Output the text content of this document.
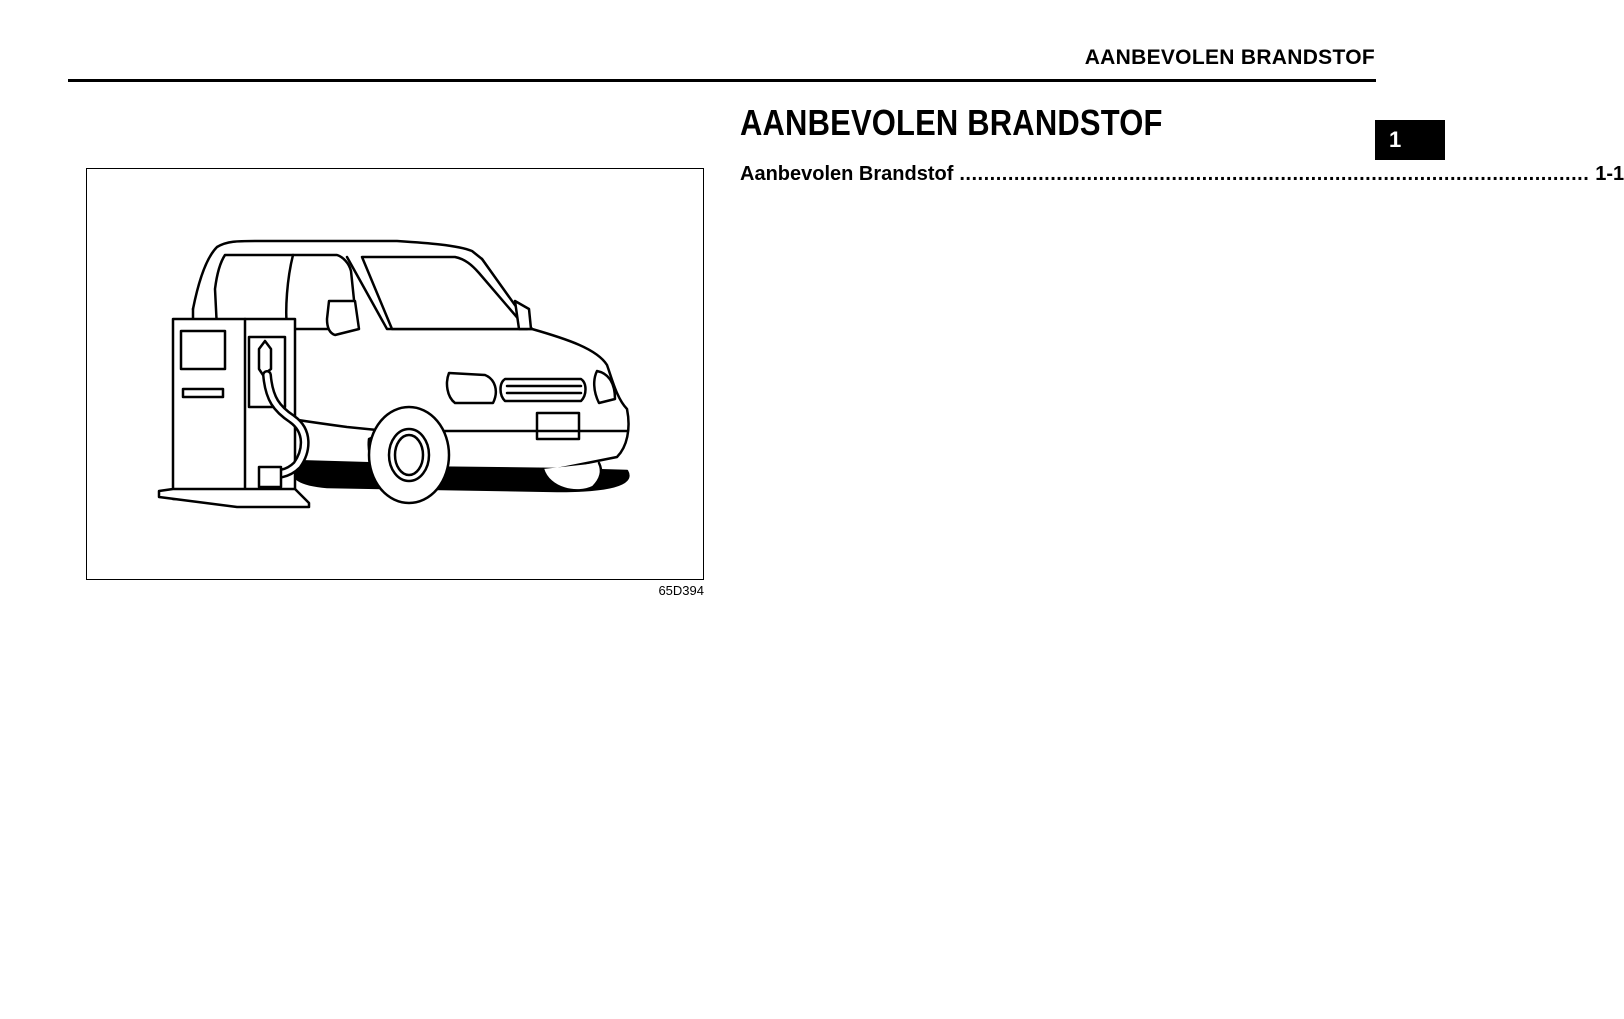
AANBEVOLEN BRANDSTOF
1
AANBEVOLEN BRANDSTOF
Aanbevolen Brandstof ........................................................................................................ 1-1
65D394
